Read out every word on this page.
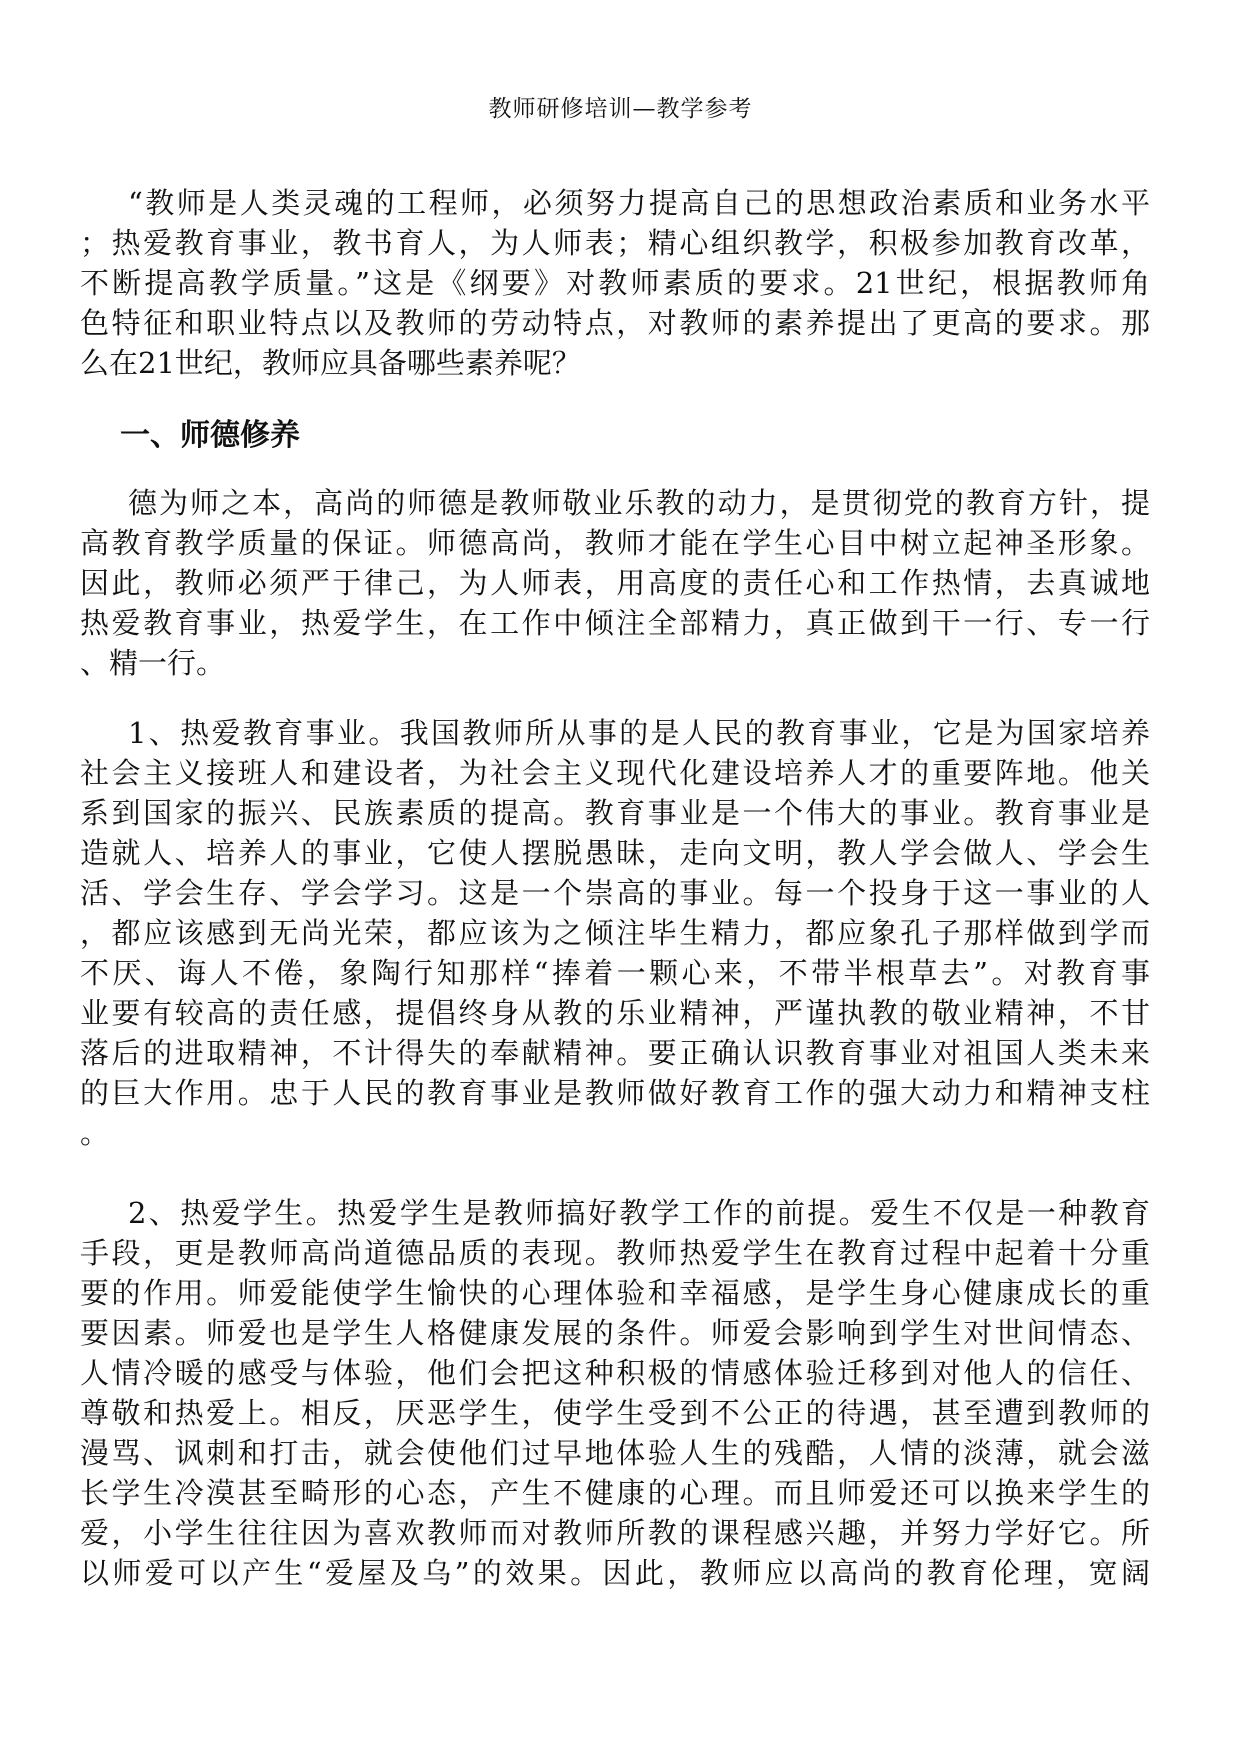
教师研修培训—教学参考
“教师是人类灵魂的工程师，必须努力提高自己的思想政治素质和业务水平
；热爱教育事业，教书育人，为人师表；精心组织教学，积极参加教育改革，
不断提高教学质量。”这是《纲要》对教师素质的要求。21世纪，根据教师角
色特征和职业特点以及教师的劳动特点，对教师的素养提出了更高的要求。那
么在21世纪，教师应具备哪些素养呢？
一、师德修养
德为师之本，高尚的师德是教师敬业乐教的动力，是贯彻党的教育方针，提
高教育教学质量的保证。师德高尚，教师才能在学生心目中树立起神圣形象。
因此，教师必须严于律己，为人师表，用高度的责任心和工作热情，去真诚地
热爱教育事业，热爱学生，在工作中倾注全部精力，真正做到干一行、专一行
、精一行。
1、热爱教育事业。我国教师所从事的是人民的教育事业，它是为国家培养
社会主义接班人和建设者，为社会主义现代化建设培养人才的重要阵地。他关
系到国家的振兴、民族素质的提高。教育事业是一个伟大的事业。教育事业是
造就人、培养人的事业，它使人摆脱愚昧，走向文明，教人学会做人、学会生
活、学会生存、学会学习。这是一个崇高的事业。每一个投身于这一事业的人
，都应该感到无尚光荣，都应该为之倾注毕生精力，都应象孔子那样做到学而
不厌、诲人不倦，象陶行知那样“捧着一颗心来，不带半根草去”。对教育事
业要有较高的责任感，提倡终身从教的乐业精神，严谨执教的敬业精神，不甘
落后的进取精神，不计得失的奉献精神。要正确认识教育事业对祖国人类未来
的巨大作用。忠于人民的教育事业是教师做好教育工作的强大动力和精神支柱
。
2、热爱学生。热爱学生是教师搞好教学工作的前提。爱生不仅是一种教育
手段，更是教师高尚道德品质的表现。教师热爱学生在教育过程中起着十分重
要的作用。师爱能使学生愉快的心理体验和幸福感，是学生身心健康成长的重
要因素。师爱也是学生人格健康发展的条件。师爱会影响到学生对世间情态、
人情冷暖的感受与体验，他们会把这种积极的情感体验迁移到对他人的信任、
尊敬和热爱上。相反，厌恶学生，使学生受到不公正的待遇，甚至遭到教师的
漫骂、讽刺和打击，就会使他们过早地体验人生的残酷，人情的淡薄，就会滋
长学生冷漠甚至畸形的心态，产生不健康的心理。而且师爱还可以换来学生的
爱，小学生往往因为喜欢教师而对教师所教的课程感兴趣，并努力学好它。所
以师爱可以产生“爱屋及乌”的效果。因此，教师应以高尚的教育伦理，宽阔
